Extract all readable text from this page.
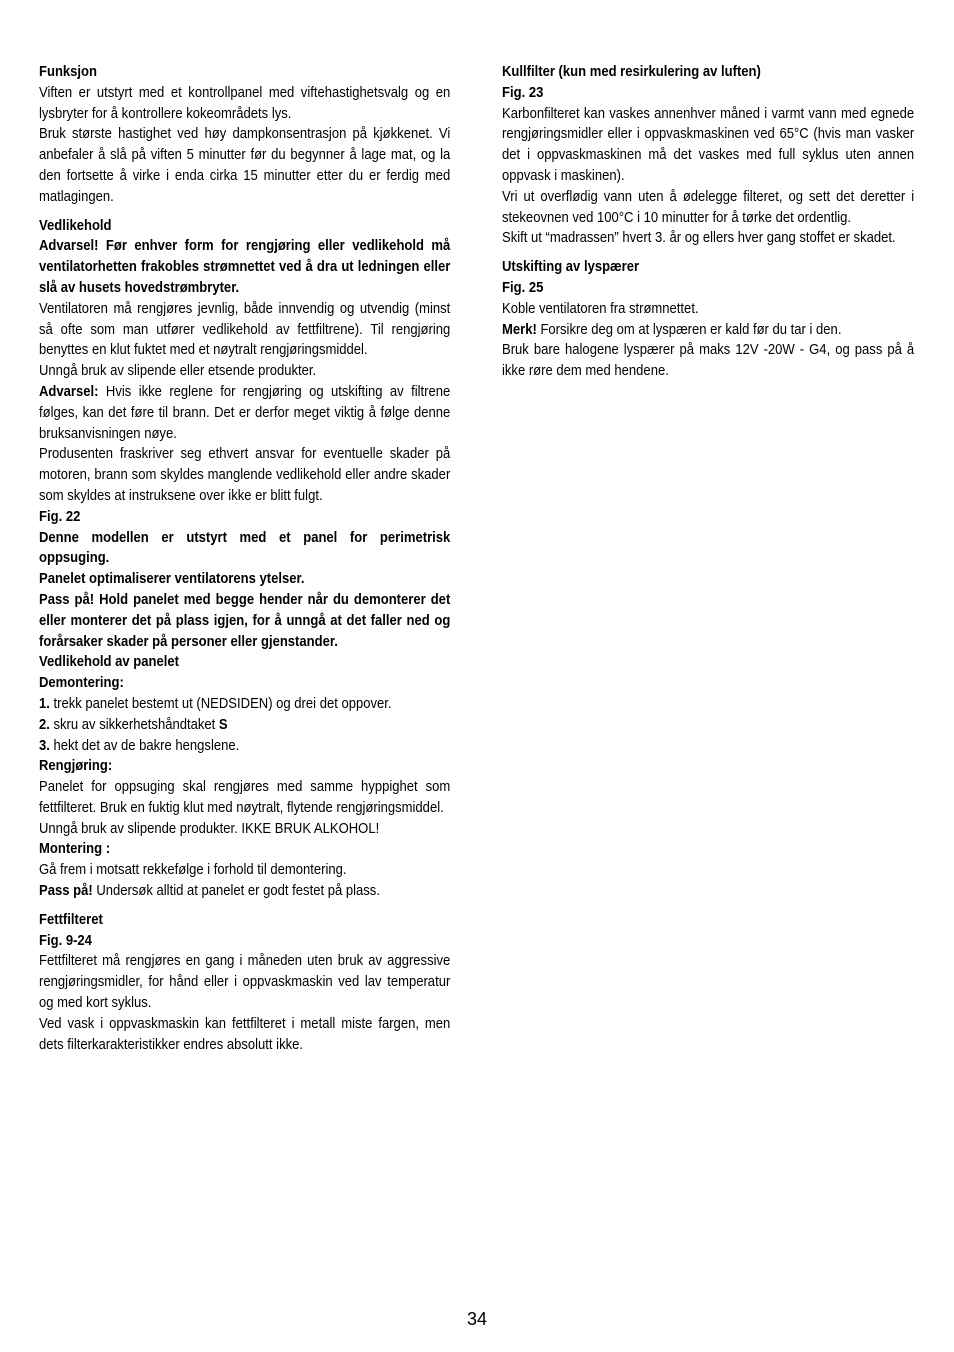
Funksjon

Viften er utstyrt med et kontrollpanel med viftehastighetsvalg og en lysbryter for å kontrollere kokeområdets lys.

Bruk største hastighet ved høy dampkonsentrasjon på kjøkkenet. Vi anbefaler å slå på viften 5 minutter før du begynner å lage mat, og la den fortsette å virke i enda cirka 15 minutter etter du er ferdig med matlagingen.

Vedlikehold

Advarsel! Før enhver form for rengjøring eller vedlikehold må ventilatorhetten frakobles strømnettet ved å dra ut ledningen eller slå av husets hovedstrømbryter.

Ventilatoren må rengjøres jevnlig, både innvendig og utvendig (minst så ofte som man utfører vedlikehold av fettfiltrene). Til rengjøring benyttes en klut fuktet med et nøytralt rengjøringsmiddel.

Unngå bruk av slipende eller etsende produkter.

Advarsel: Hvis ikke reglene for rengjøring og utskifting av filtrene følges, kan det føre til brann. Det er derfor meget viktig å følge denne bruksanvisningen nøye.

Produsenten fraskriver seg ethvert ansvar for eventuelle skader på motoren, brann som skyldes manglende vedlikehold eller andre skader som skyldes at instruksene over ikke er blitt fulgt.

Fig. 22

Denne modellen er utstyrt med et panel for perimetrisk oppsuging.

Panelet optimaliserer ventilatorens ytelser.

Pass på! Hold panelet med begge hender når du demonterer det eller monterer det på plass igjen, for å unngå at det faller ned og forårsaker skader på personer eller gjenstander.

Vedlikehold av panelet

Demontering:

1. trekk panelet bestemt ut (NEDSIDEN) og drei det oppover.

2. skru av sikkerhetshåndtaket S

3. hekt det av de bakre hengslene.

Rengjøring:

Panelet for oppsuging skal rengjøres med samme hyppighet som fettfilteret. Bruk en fuktig klut med nøytralt, flytende rengjøringsmiddel.

Unngå bruk av slipende produkter. IKKE BRUK ALKOHOL!

Montering :

Gå frem i motsatt rekkefølge i forhold til demontering.

Pass på! Undersøk alltid at panelet er godt festet på plass.

Fettfilteret

Fig. 9-24

Fettfilteret må rengjøres en gang i måneden uten bruk av aggressive rengjøringsmidler, for hånd eller i oppvaskmaskin ved lav temperatur og med kort syklus.

Ved vask i oppvaskmaskin kan fettfilteret i metall miste fargen, men dets filterkarakteristikker endres absolutt ikke.

Kullfilter (kun med resirkulering av luften)

Fig. 23

Karbonfilteret kan vaskes annenhver måned i varmt vann med egnede rengjøringsmidler eller i oppvaskmaskinen ved 65°C (hvis man vasker det i oppvaskmaskinen må det vaskes med full syklus uten annen oppvask i maskinen).

Vri ut overflødig vann uten å ødelegge filteret, og sett det deretter i stekeovnen ved 100°C i 10 minutter for å tørke det ordentlig.

Skift ut “madrassen” hvert 3. år og ellers hver gang stoffet er skadet.

Utskifting av lyspærer

Fig. 25

Koble ventilatoren fra strømnettet.

Merk! Forsikre deg om at lyspæren er kald før du tar i den.

Bruk bare halogene lyspærer på maks 12V -20W - G4, og pass på å ikke røre dem med hendene.

34
